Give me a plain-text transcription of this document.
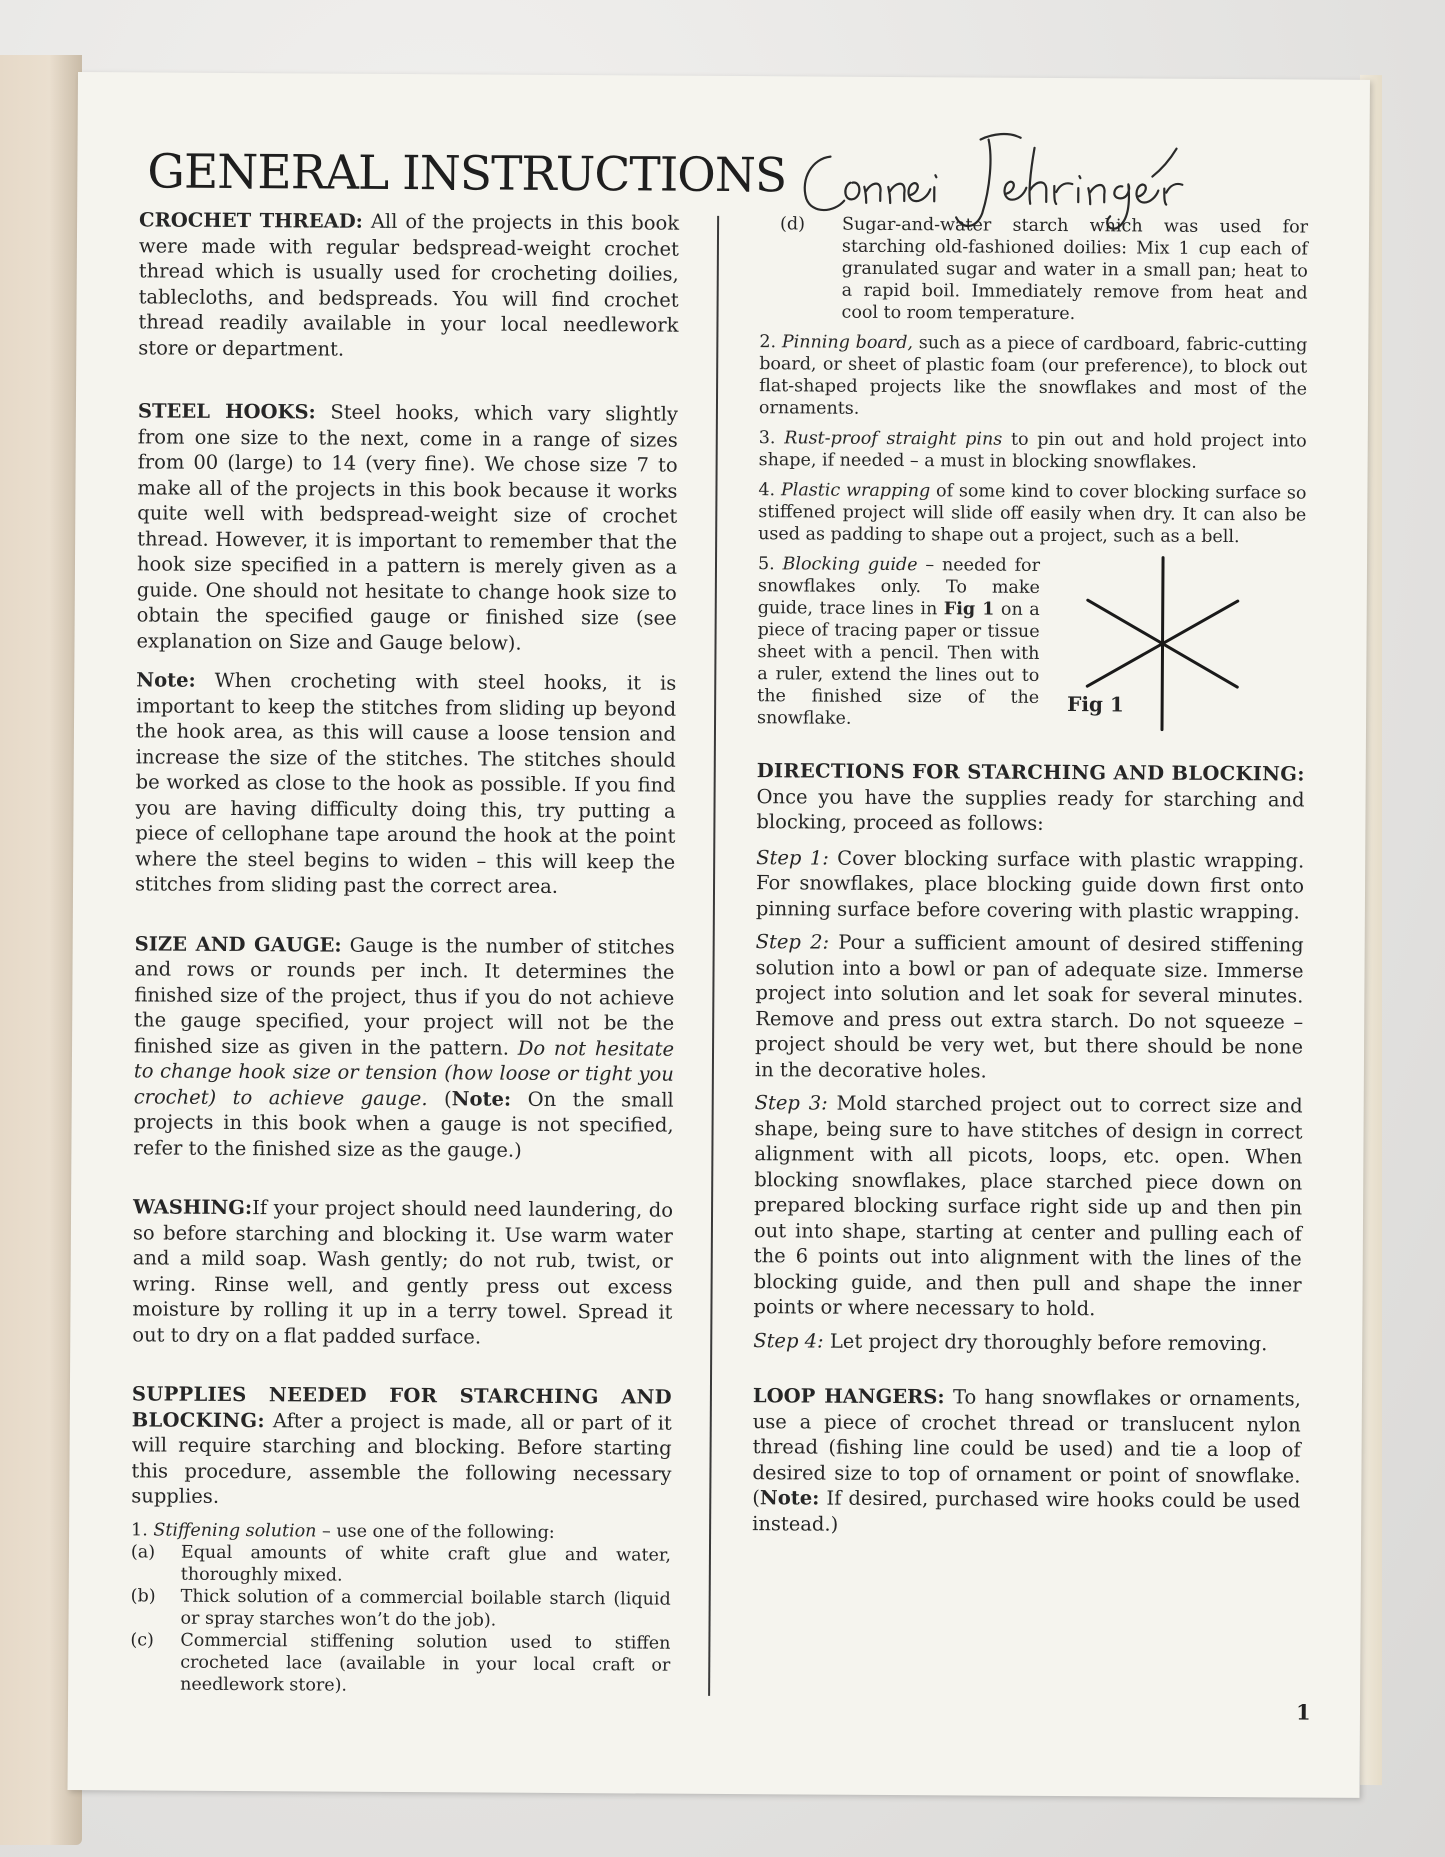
GENERAL INSTRUCTIONS

CROCHET THREAD: All of the projects in this book were made with regular bedspread-weight crochet thread which is usually used for crocheting doilies, tablecloths, and bedspreads. You will find crochet thread readily available in your local needlework store or department.

STEEL HOOKS: Steel hooks, which vary slightly from one size to the next, come in a range of sizes from 00 (large) to 14 (very fine). We chose size 7 to make all of the projects in this book because it works quite well with bedspread-weight size of crochet thread. However, it is important to remember that the hook size specified in a pattern is merely given as a guide. One should not hesitate to change hook size to obtain the specified gauge or finished size (see explanation on Size and Gauge below).

Note: When crocheting with steel hooks, it is important to keep the stitches from sliding up beyond the hook area, as this will cause a loose tension and increase the size of the stitches. The stitches should be worked as close to the hook as possible. If you find you are having difficulty doing this, try putting a piece of cellophane tape around the hook at the point where the steel begins to widen – this will keep the stitches from sliding past the correct area.

SIZE AND GAUGE: Gauge is the number of stitches and rows or rounds per inch. It determines the finished size of the project, thus if you do not achieve the gauge specified, your project will not be the finished size as given in the pattern. Do not hesitate to change hook size or tension (how loose or tight you crochet) to achieve gauge. (Note: On the small projects in this book when a gauge is not specified, refer to the finished size as the gauge.)

WASHING:If your project should need laundering, do so before starching and blocking it. Use warm water and a mild soap. Wash gently; do not rub, twist, or wring. Rinse well, and gently press out excess moisture by rolling it up in a terry towel. Spread it out to dry on a flat padded surface.

SUPPLIES NEEDED FOR STARCHING AND BLOCKING: After a project is made, all or part of it will require starching and blocking. Before starting this procedure, assemble the following necessary supplies.

1. Stiffening solution – use one of the following:

(a)	Equal amounts of white craft glue and water, thoroughly mixed.
(b)	Thick solution of a commercial boilable starch (liquid or spray starches won’t do the job).
(c)	Commercial stiffening solution used to stiffen crocheted lace (available in your local craft or needlework store).
(d)	Sugar-and-water starch which was used for starching old-fashioned doilies: Mix 1 cup each of granulated sugar and water in a small pan; heat to a rapid boil. Immediately remove from heat and cool to room temperature.

2. Pinning board, such as a piece of cardboard, fabric-cutting board, or sheet of plastic foam (our preference), to block out flat-shaped projects like the snowflakes and most of the ornaments.

3. Rust-proof straight pins to pin out and hold project into shape, if needed – a must in blocking snowflakes.

4. Plastic wrapping of some kind to cover blocking surface so stiffened project will slide off easily when dry. It can also be used as padding to shape out a project, such as a bell.

5. Blocking guide – needed for snowflakes only. To make guide, trace lines in Fig 1 on a piece of tracing paper or tissue sheet with a pencil. Then with a ruler, extend the lines out to the finished size of the snowflake.

Fig 1

DIRECTIONS FOR STARCHING AND BLOCKING: Once you have the supplies ready for starching and blocking, proceed as follows:

Step 1: Cover blocking surface with plastic wrapping. For snowflakes, place blocking guide down first onto pinning surface before covering with plastic wrapping.

Step 2: Pour a sufficient amount of desired stiffening solution into a bowl or pan of adequate size. Immerse project into solution and let soak for several minutes. Remove and press out extra starch. Do not squeeze – project should be very wet, but there should be none in the decorative holes.

Step 3: Mold starched project out to correct size and shape, being sure to have stitches of design in correct alignment with all picots, loops, etc. open. When blocking snowflakes, place starched piece down on prepared blocking surface right side up and then pin out into shape, starting at center and pulling each of the 6 points out into alignment with the lines of the blocking guide, and then pull and shape the inner points or where necessary to hold.

Step 4: Let project dry thoroughly before removing.

LOOP HANGERS: To hang snowflakes or ornaments, use a piece of crochet thread or translucent nylon thread (fishing line could be used) and tie a loop of desired size to top of ornament or point of snowflake. (Note: If desired, purchased wire hooks could be used instead.)

1
